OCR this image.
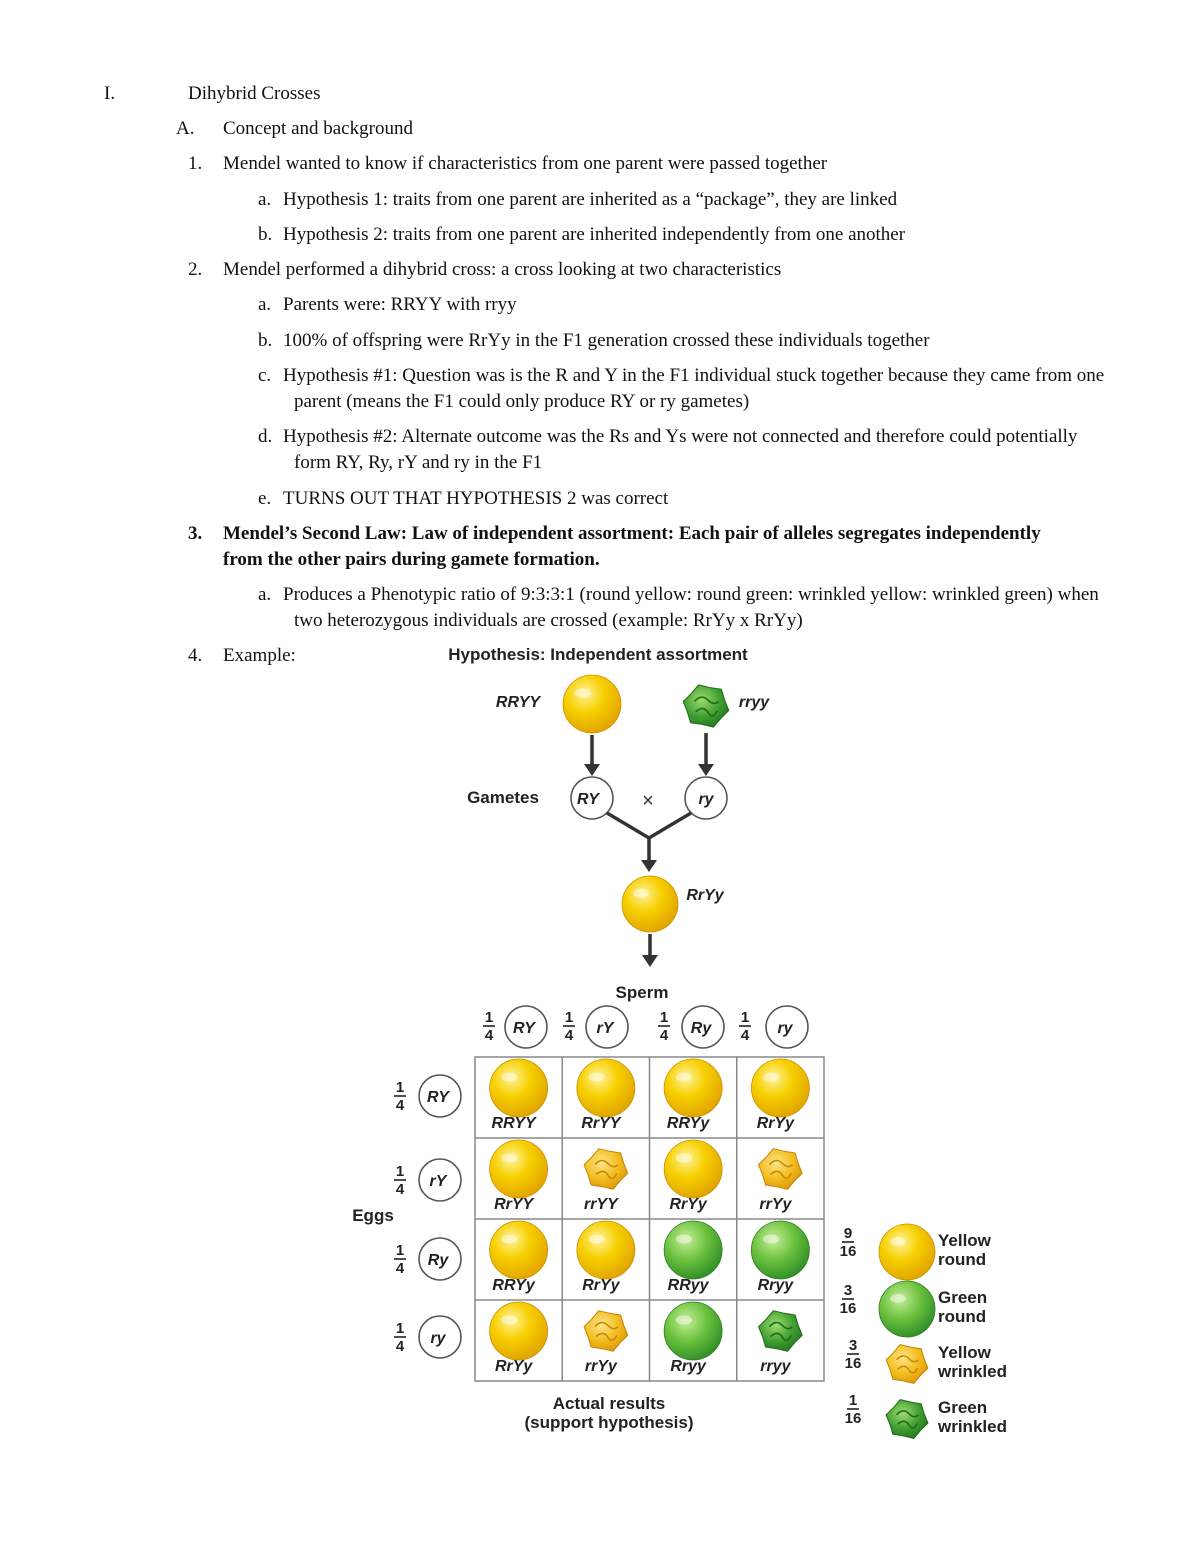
I.	Dihybrid Crosses
A. Concept and background
1. Mendel wanted to know if characteristics from one parent were passed together
a. Hypothesis 1: traits from one parent are inherited as a “package”, they are linked
b. Hypothesis 2: traits from one parent are inherited independently from one another
2. Mendel performed a dihybrid cross: a cross looking at two characteristics
a. Parents were: RRYY with rryy
b. 100% of offspring were RrYy in the F1 generation crossed these individuals together
c. Hypothesis #1: Question was is the R and Y in the F1 individual stuck together because they came from one parent (means the F1 could only produce RY or ry gametes)
d. Hypothesis #2: Alternate outcome was the Rs and Ys were not connected and therefore could potentially form RY, Ry, rY and ry in the F1
e. TURNS OUT THAT HYPOTHESIS 2 was correct
3. Mendel’s Second Law: Law of independent assortment: Each pair of alleles segregates independently from the other pairs during gamete formation.
a. Produces a Phenotypic ratio of 9:3:3:1 (round yellow: round green: wrinkled yellow: wrinkled green) when two heterozygous individuals are crossed (example: RrYy x RrYy)
4. Example:	Hypothesis: Independent assortment
RRYY	rryy
Gametes RY ×	ry
RrYy
Sperm
1
4 RY
1
4 rY
1
4 Ry
1
4 ry
Eggs
1
4 RY
1
4 rY
1
4 Ry
1
4 ry
RRYY	RrYY	RRYy	RrYy
RrYY	rrYY	RrYy	rrYy
RRYy	RrYy	RRyy	Rryy
RrYy	rrYy	Rryy	rryy
Actual results
(support hypothesis)
9
16
Yellow
round
3
16
Green
round
3
16
Yellow
wrinkled
1
16
Green
wrinkled
